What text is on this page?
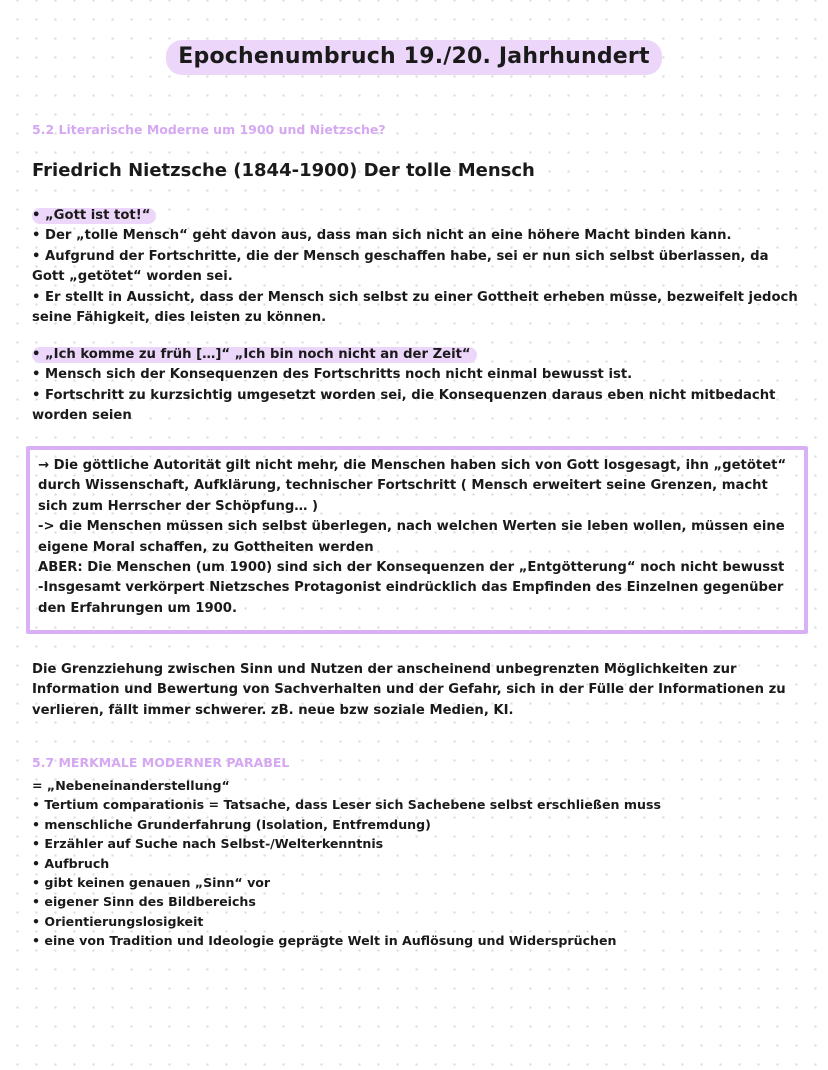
Epochenumbruch 19./20. Jahrhundert
5.2 Literarische Moderne um 1900 und Nietzsche?
Friedrich Nietzsche (1844-1900) Der tolle Mensch

• „Gott ist tot!“

• Der „tolle Mensch“ geht davon aus, dass man sich nicht an eine höhere Macht binden kann.

• Aufgrund der Fortschritte, die der Mensch geschaffen habe, sei er nun sich selbst überlassen, da Gott „getötet“ worden sei.

• Er stellt in Aussicht, dass der Mensch sich selbst zu einer Gottheit erheben müsse, bezweifelt jedoch seine Fähigkeit, dies leisten zu können.

• „Ich komme zu früh […]“ „Ich bin noch nicht an der Zeit“

• Mensch sich der Konsequenzen des Fortschritts noch nicht einmal bewusst ist.

• Fortschritt zu kurzsichtig umgesetzt worden sei, die Konsequenzen daraus eben nicht mitbedacht worden seien

→ Die göttliche Autorität gilt nicht mehr, die Menschen haben sich von Gott losgesagt, ihn „getötet“ durch Wissenschaft, Aufklärung, technischer Fortschritt ( Mensch erweitert seine Grenzen, macht sich zum Herrscher der Schöpfung… )

-> die Menschen müssen sich selbst überlegen, nach welchen Werten sie leben wollen, müssen eine eigene Moral schaffen, zu Gottheiten werden

ABER: Die Menschen (um 1900) sind sich der Konsequenzen der „Entgötterung“ noch nicht bewusst

-Insgesamt verkörpert Nietzsches Protagonist eindrücklich das Empfinden des Einzelnen gegenüber den Erfahrungen um 1900.

Die Grenzziehung zwischen Sinn und Nutzen der anscheinend unbegrenzten Möglichkeiten zur Information und Bewertung von Sachverhalten und der Gefahr, sich in der Fülle der Informationen zu verlieren, fällt immer schwerer. zB. neue bzw soziale Medien, KI.

5.7 MERKMALE MODERNER PARABEL

= „Nebeneinanderstellung“

• Tertium comparationis = Tatsache, dass Leser sich Sachebene selbst erschließen muss

• menschliche Grunderfahrung (Isolation, Entfremdung)

• Erzähler auf Suche nach Selbst-/Welterkenntnis

• Aufbruch

• gibt keinen genauen „Sinn“ vor

• eigener Sinn des Bildbereichs

• Orientierungslosigkeit

• eine von Tradition und Ideologie geprägte Welt in Auflösung und Widersprüchen
